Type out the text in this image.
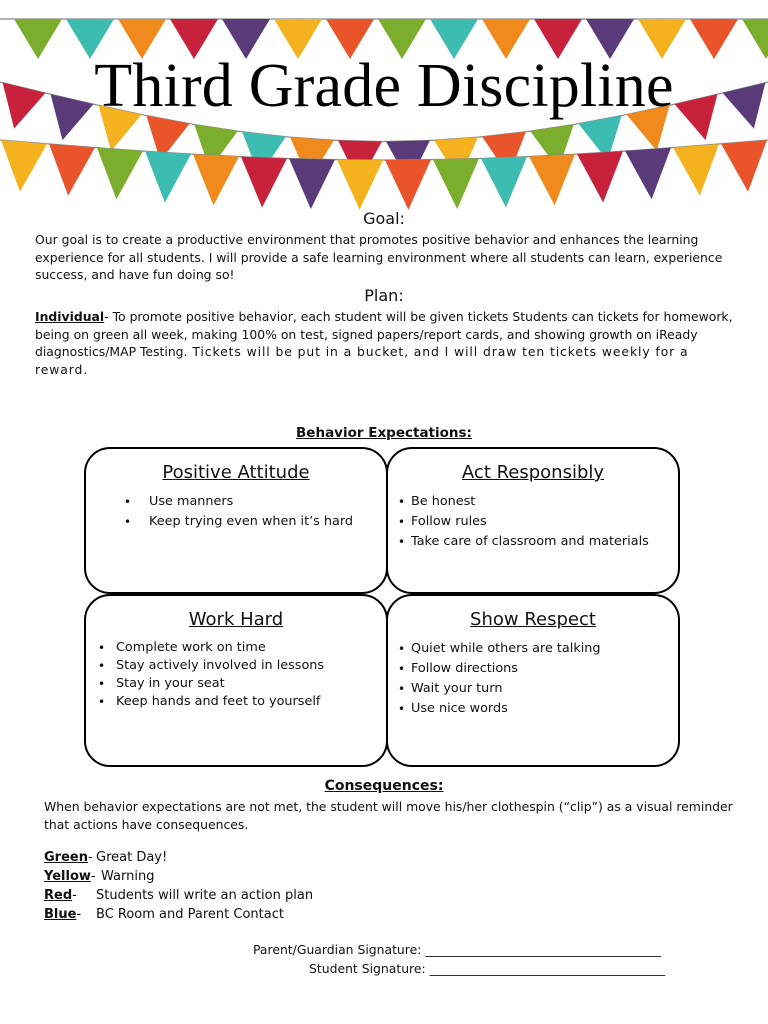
Third Grade Discipline
Goal:
Our goal is to create a productive environment that promotes positive behavior and enhances the learning experience for all students. I will provide a safe learning environment where all students can learn, experience success, and have fun doing so!
Plan:
Individual- To promote positive behavior, each student will be given tickets Students can tickets for homework, being on green all week, making 100% on test, signed papers/report cards, and showing growth on iReady diagnostics/MAP Testing. Tickets will be put in a bucket, and I will draw ten tickets weekly for a reward.
Behavior Expectations:
Positive Attitude
• Use manners
• Keep trying even when it’s hard
Act Responsibly
• Be honest
• Follow rules
• Take care of classroom and materials
Work Hard
• Complete work on time
• Stay actively involved in lessons
• Stay in your seat
• Keep hands and feet to yourself
Show Respect
• Quiet while others are talking
• Follow directions
• Wait your turn
• Use nice words
Consequences:
When behavior expectations are not met, the student will move his/her clothespin (“clip”) as a visual reminder that actions have consequences.
Green- Great Day!
Yellow- Warning
Red- Students will write an action plan
Blue- BC Room and Parent Contact
Parent/Guardian Signature: ______________________________________
Student Signature: ______________________________________
